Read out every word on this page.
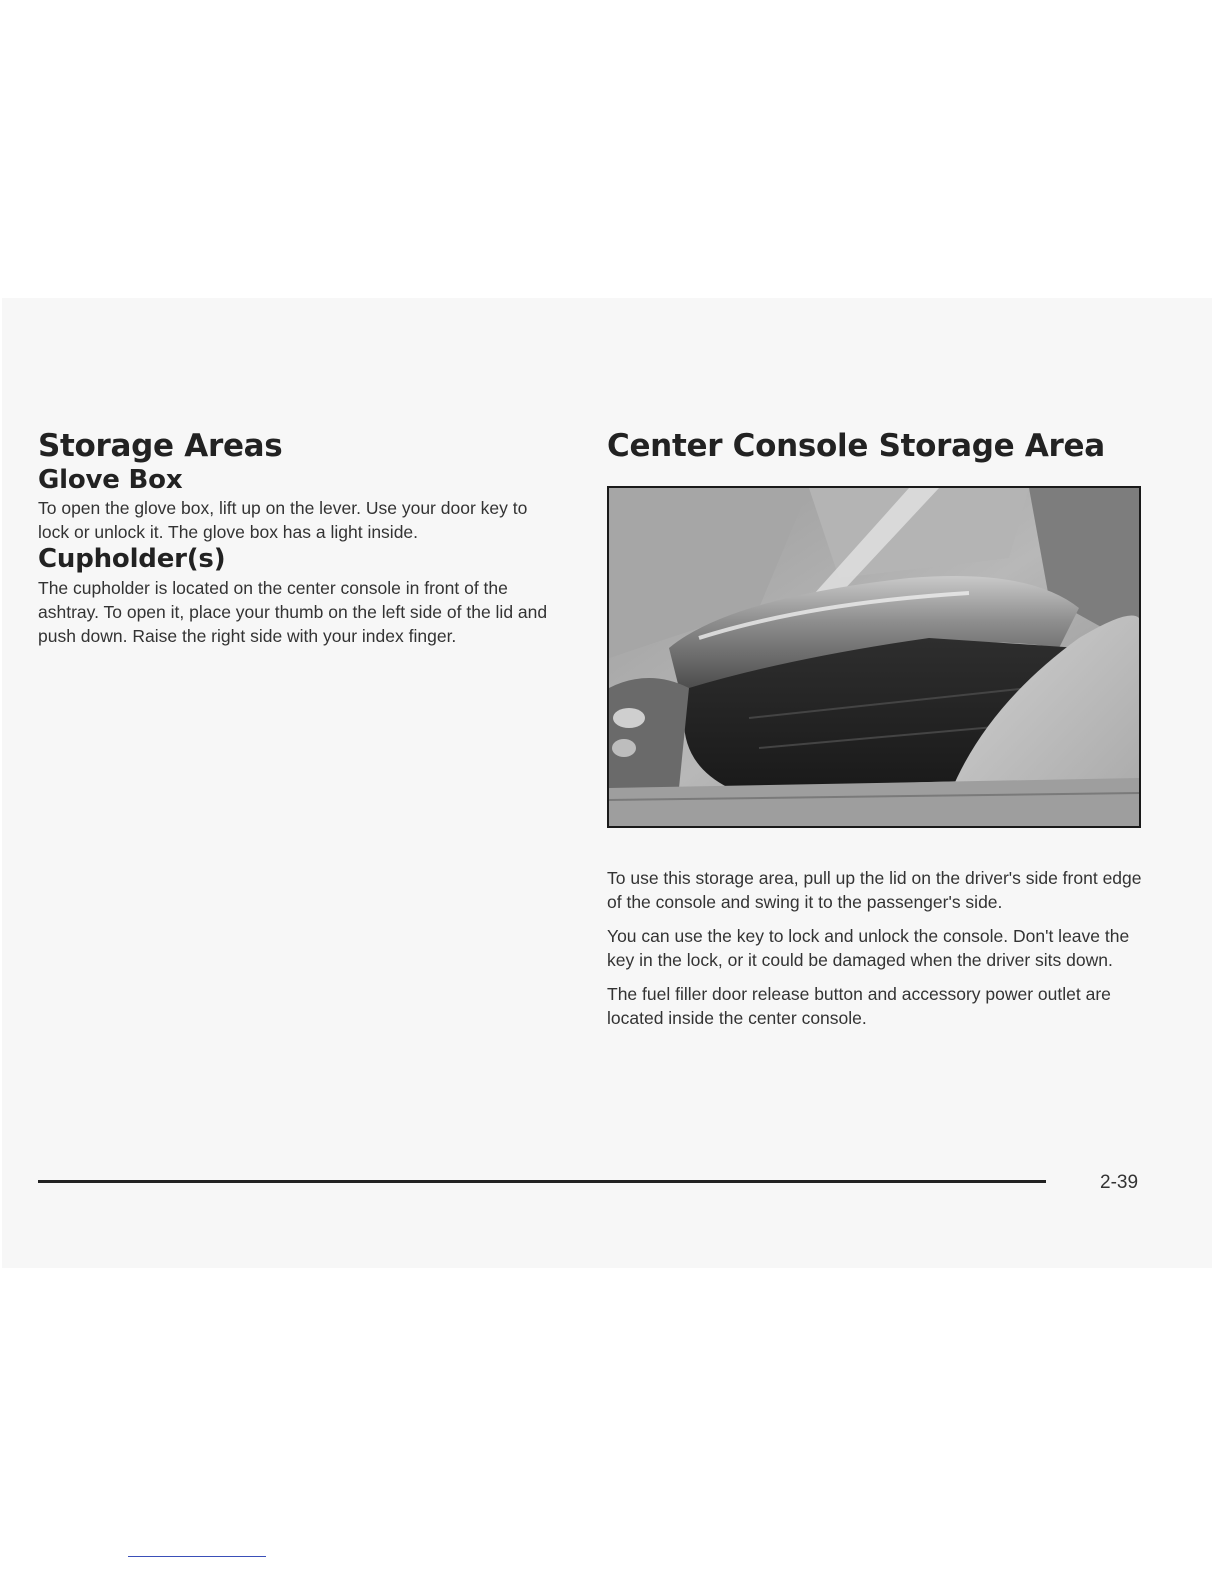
Storage Areas
Glove Box

To open the glove box, lift up on the lever. Use your door key to lock or unlock it. The glove box has a light inside.

Cupholder(s)

The cupholder is located on the center console in front of the ashtray. To open it, place your thumb on the left side of the lid and push down. Raise the right side with your index finger.

Center Console Storage Area

To use this storage area, pull up the lid on the driver's side front edge of the console and swing it to the passenger's side.

You can use the key to lock and unlock the console. Don't leave the key in the lock, or it could be damaged when the driver sits down.

The fuel filler door release button and accessory power outlet are located inside the center console.

2-39
